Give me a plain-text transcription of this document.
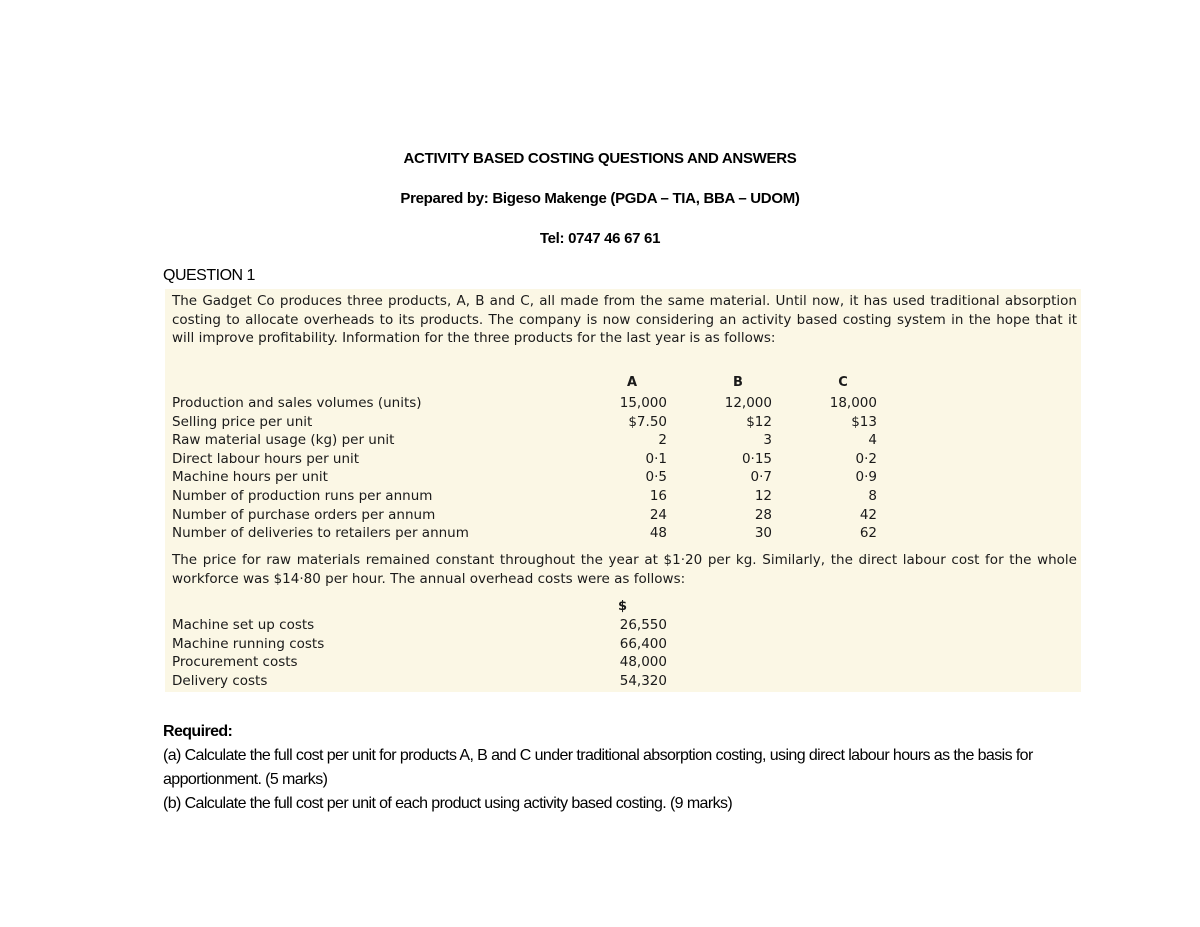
ACTIVITY BASED COSTING QUESTIONS AND ANSWERS
Prepared by: Bigeso Makenge (PGDA – TIA, BBA – UDOM)
Tel: 0747 46 67 61
QUESTION 1
The Gadget Co produces three products, A, B and C, all made from the same material. Until now, it has used traditional absorption costing to allocate overheads to its products. The company is now considering an activity based costing system in the hope that it will improve profitability. Information for the three products for the last year is as follows:
A	B	C
Production and sales volumes (units)	15,000	12,000	18,000
Selling price per unit	$7.50	$12	$13
Raw material usage (kg) per unit	2	3	4
Direct labour hours per unit	0·1	0·15	0·2
Machine hours per unit	0·5	0·7	0·9
Number of production runs per annum	16	12	8
Number of purchase orders per annum	24	28	42
Number of deliveries to retailers per annum	48	30	62
The price for raw materials remained constant throughout the year at $1·20 per kg. Similarly, the direct labour cost for the whole workforce was $14·80 per hour. The annual overhead costs were as follows:
$
Machine set up costs	26,550
Machine running costs	66,400
Procurement costs	48,000
Delivery costs	54,320
Required:
(a) Calculate the full cost per unit for products A, B and C under traditional absorption costing, using direct labour hours as the basis for apportionment. (5 marks)
(b) Calculate the full cost per unit of each product using activity based costing. (9 marks)
